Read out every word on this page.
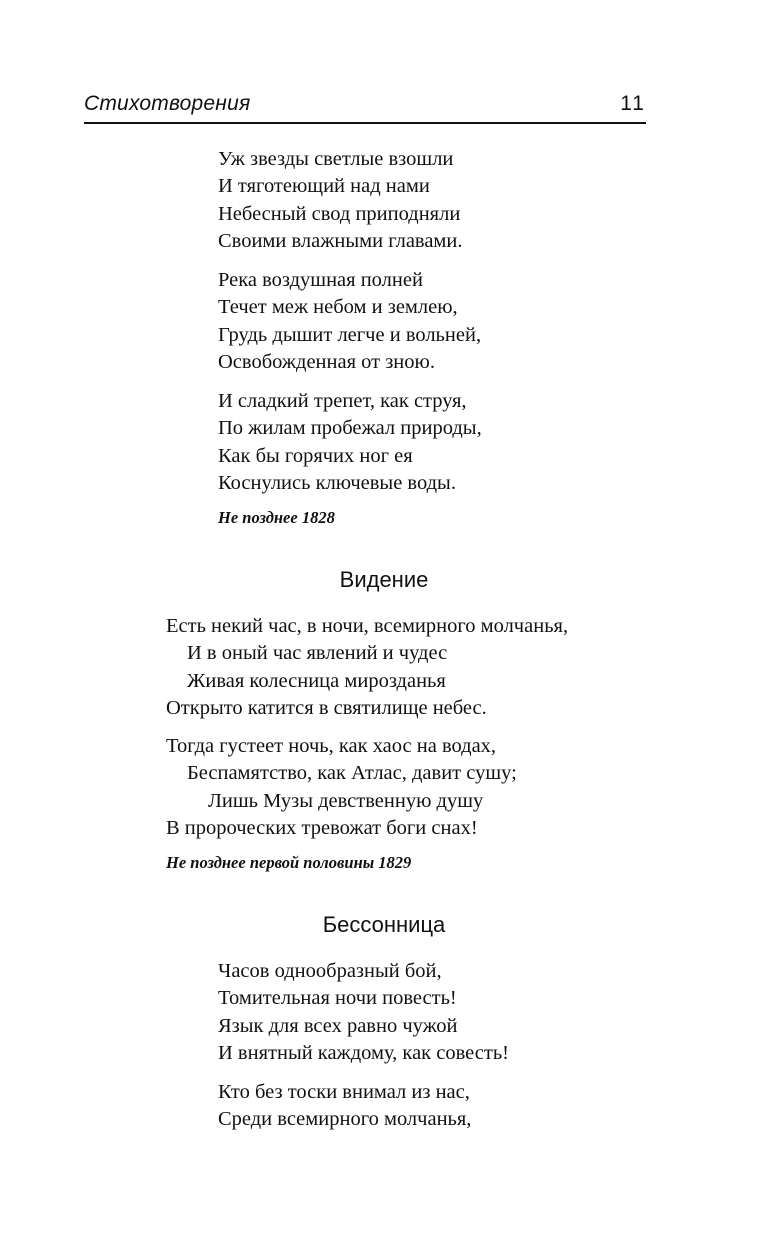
Стихотворения	11
Уж звезды светлые взошли
И тяготеющий над нами
Небесный свод приподняли
Своими влажными главами.
Река воздушная полней
Течет меж небом и землею,
Грудь дышит легче и вольней,
Освобожденная от зною.
И сладкий трепет, как струя,
По жилам пробежал природы,
Как бы горячих ног ея
Коснулись ключевые воды.
Не позднее 1828
Видение
Есть некий час, в ночи, всемирного молчанья,
И в оный час явлений и чудес
Живая колесница мирозданья
Открыто катится в святилище небес.
Тогда густеет ночь, как хаос на водах,
Беспамятство, как Атлас, давит сушу;
Лишь Музы девственную душу
В пророческих тревожат боги снах!
Не позднее первой половины 1829
Бессонница
Часов однообразный бой,
Томительная ночи повесть!
Язык для всех равно чужой
И внятный каждому, как совесть!
Кто без тоски внимал из нас,
Среди всемирного молчанья,
